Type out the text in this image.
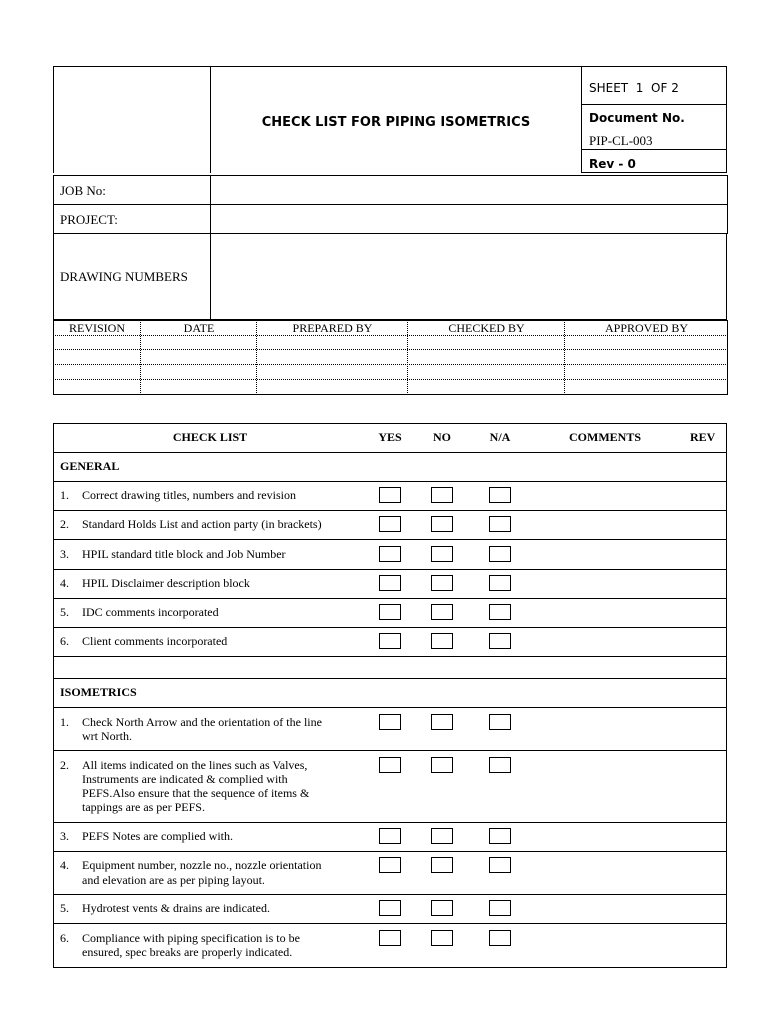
CHECK LIST FOR PIPING ISOMETRICS
SHEET  1  OF 2
Document No.
PIP-CL-003
Rev - 0
JOB No:
PROJECT:
DRAWING NUMBERS
REVISION	DATE	PREPARED BY	CHECKED BY	APPROVED BY
CHECK LIST	YES	NO	N/A	COMMENTS	REV
GENERAL
1. Correct drawing titles, numbers and revision
2. Standard Holds List and action party (in brackets)
3. HPIL standard title block and Job Number
4. HPIL Disclaimer description block
5. IDC comments incorporated
6. Client comments incorporated
ISOMETRICS
1. Check North Arrow and the orientation of the line
wrt North.
2. All items indicated on the lines such as Valves,
Instruments are indicated & complied with
PEFS.Also ensure that the sequence of items &
tappings are as per PEFS.
3. PEFS Notes are complied with.
4. Equipment number, nozzle no., nozzle orientation
and elevation are as per piping layout.
5. Hydrotest vents & drains are indicated.
6. Compliance with piping specification is to be
ensured, spec breaks are properly indicated.
